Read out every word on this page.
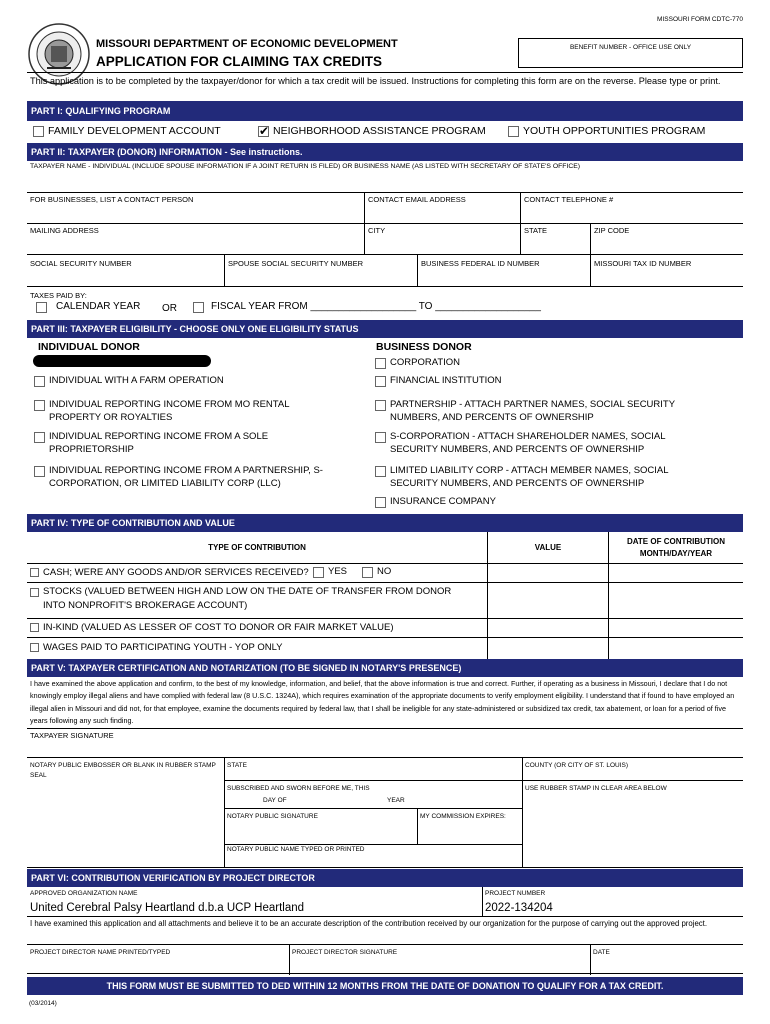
MISSOURI FORM CDTC-770
MISSOURI DEPARTMENT OF ECONOMIC DEVELOPMENT
APPLICATION FOR CLAIMING TAX CREDITS
BENEFIT NUMBER - OFFICE USE ONLY
This application is to be completed by the taxpayer/donor for which a tax credit will be issued. Instructions for completing this form are on the reverse. Please type or print.
PART I: QUALIFYING PROGRAM
FAMILY DEVELOPMENT ACCOUNT
✔	NEIGHBORHOOD ASSISTANCE PROGRAM	YOUTH OPPORTUNITIES PROGRAM
PART II: TAXPAYER (DONOR) INFORMATION - See instructions.
TAXPAYER NAME - INDIVIDUAL (INCLUDE SPOUSE INFORMATION IF A JOINT RETURN IS FILED) OR BUSINESS NAME (AS LISTED WITH SECRETARY OF STATE'S OFFICE)
FOR BUSINESSES, LIST A CONTACT PERSON	CONTACT EMAIL ADDRESS	CONTACT TELEPHONE #
MAILING ADDRESS	CITY	STATE	ZIP CODE
SOCIAL SECURITY NUMBER	SPOUSE SOCIAL SECURITY NUMBER	BUSINESS FEDERAL ID NUMBER	MISSOURI TAX ID NUMBER
TAXES PAID BY:
CALENDAR YEAR OR	FISCAL YEAR FROM ___________________ TO ___________________
PART III: TAXPAYER ELIGIBILITY - CHOOSE ONLY ONE ELIGIBILITY STATUS
INDIVIDUAL DONOR	BUSINESS DONOR
INDIVIDUAL WITH A FARM OPERATION
INDIVIDUAL REPORTING INCOME FROM MO RENTAL PROPERTY OR ROYALTIES
INDIVIDUAL REPORTING INCOME FROM A SOLE PROPRIETORSHIP
INDIVIDUAL REPORTING INCOME FROM A PARTNERSHIP, S-CORPORATION, OR LIMITED LIABILITY CORP (LLC)
CORPORATION
FINANCIAL INSTITUTION
PARTNERSHIP - ATTACH PARTNER NAMES, SOCIAL SECURITY NUMBERS, AND PERCENTS OF OWNERSHIP
S-CORPORATION - ATTACH SHAREHOLDER NAMES, SOCIAL SECURITY NUMBERS, AND PERCENTS OF OWNERSHIP
LIMITED LIABILITY CORP - ATTACH MEMBER NAMES, SOCIAL SECURITY NUMBERS, AND PERCENTS OF OWNERSHIP
INSURANCE COMPANY
PART IV: TYPE OF CONTRIBUTION AND VALUE
TYPE OF CONTRIBUTION	VALUE
DATE OF CONTRIBUTION MONTH/DAY/YEAR
CASH; WERE ANY GOODS AND/OR SERVICES RECEIVED? YES	NO
STOCKS (VALUED BETWEEN HIGH AND LOW ON THE DATE OF TRANSFER FROM DONOR INTO NONPROFIT'S BROKERAGE ACCOUNT)
IN-KIND (VALUED AS LESSER OF COST TO DONOR OR FAIR MARKET VALUE)
WAGES PAID TO PARTICIPATING YOUTH - YOP ONLY
PART V: TAXPAYER CERTIFICATION AND NOTARIZATION (TO BE SIGNED IN NOTARY'S PRESENCE)
I have examined the above application and confirm, to the best of my knowledge, information, and belief, that the above information is true and correct. Further, if operating as a business in Missouri, I declare that I do not knowingly employ illegal aliens and have complied with federal law (8 U.S.C. 1324A), which requires examination of the appropriate documents to verify employment eligibility. I understand that if found to have employed an illegal alien in Missouri and did not, for that employee, examine the documents required by federal law, that I shall be ineligible for any state-administered or subsidized tax credit, tax abatement, or loan for a period of five years following any such finding.
TAXPAYER SIGNATURE
NOTARY PUBLIC EMBOSSER OR BLANK IN RUBBER STAMP SEAL
STATE	COUNTY (OR CITY OF ST. LOUIS)
SUBSCRIBED AND SWORN BEFORE ME, THIS
DAY OF	YEAR
USE RUBBER STAMP IN CLEAR AREA BELOW
NOTARY PUBLIC SIGNATURE	MY COMMISSION EXPIRES:
NOTARY PUBLIC NAME TYPED OR PRINTED
PART VI: CONTRIBUTION VERIFICATION BY PROJECT DIRECTOR
APPROVED ORGANIZATION NAME
United Cerebral Palsy Heartland d.b.a UCP Heartland
PROJECT NUMBER
2022-134204
I have examined this application and all attachments and believe it to be an accurate description of the contribution received by our organization for the purpose of carrying out the approved project.
PROJECT DIRECTOR NAME PRINTED/TYPED	PROJECT DIRECTOR SIGNATURE	DATE
THIS FORM MUST BE SUBMITTED TO DED WITHIN 12 MONTHS FROM THE DATE OF DONATION TO QUALIFY FOR A TAX CREDIT.
(03/2014)
